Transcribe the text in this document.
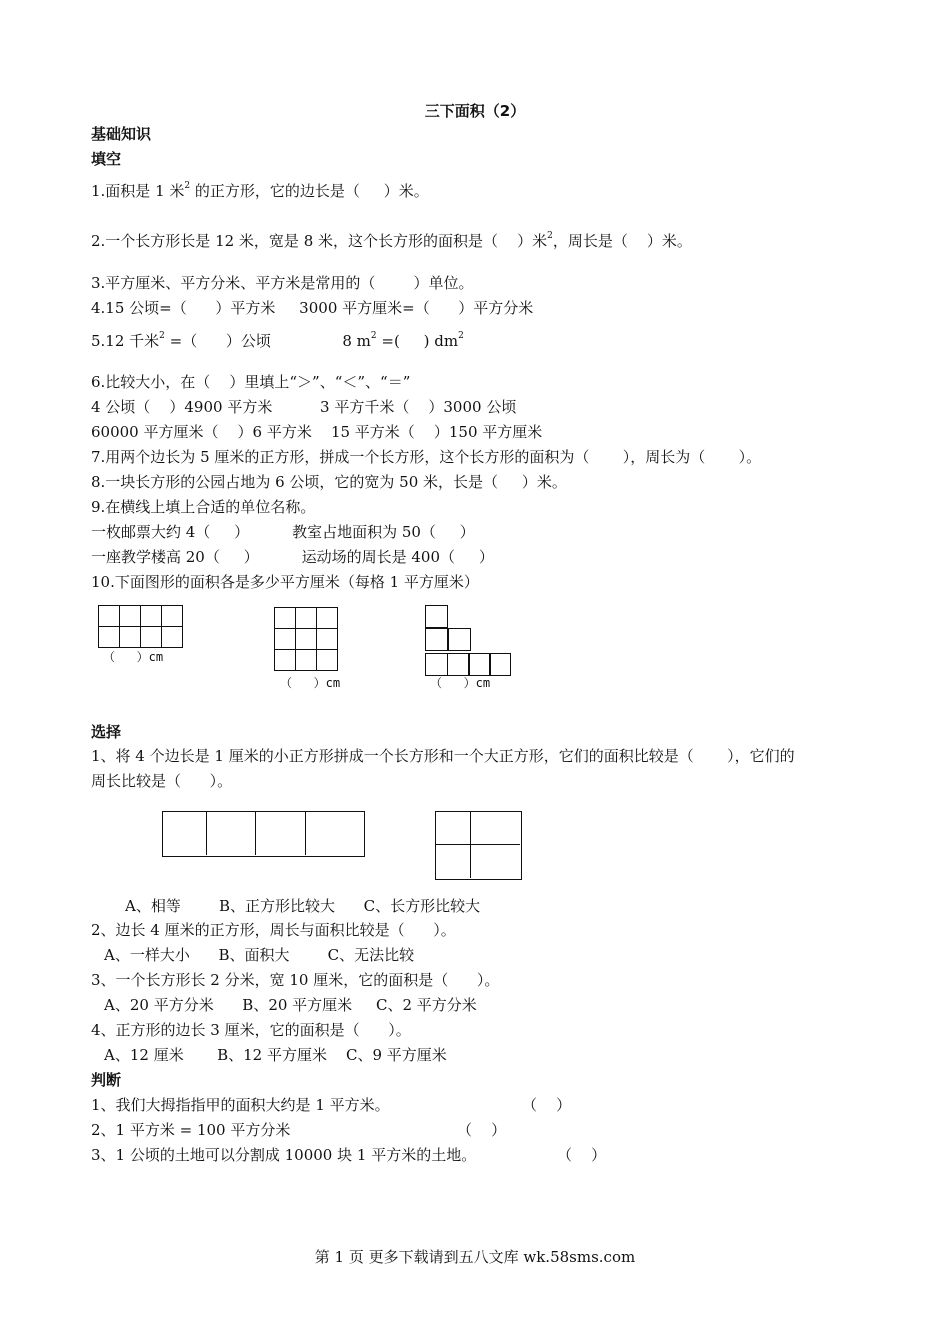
三下面积（2）
基础知识
填空
1.面积是 1 米$^2$ 的正方形，它的边长是（     ）米。
2.一个长方形长是 12 米，宽是 8 米，这个长方形的面积是（    ）米$^2$，周长是（    ）米。
3.平方厘米、平方分米、平方米是常用的（        ）单位。
4.15 公顷=（      ）平方米     3000 平方厘米=（      ）平方分米
5.12 千米$^2$ =（      ）公顷               8 $m^2$ =(     ) $dm^2$
6.比较大小，在（    ）里填上“＞”、“＜”、“＝”
4 公顷（    ）4900 平方米          3 平方千米（    ）3000 公顷
60000 平方厘米（    ）6 平方米    15 平方米（    ）150 平方厘米
7.用两个边长为 5 厘米的正方形，拼成一个长方形，这个长方形的面积为（       ），周长为（       ）。
8.一块长方形的公园占地为 6 公顷，它的宽为 50 米，长是（     ）米。
9.在横线上填上合适的单位名称。
一枚邮票大约 4（     ）         教室占地面积为 50（     ）
一座教学楼高 20（     ）         运动场的周长是 400（     ）
10.下面图形的面积各是多少平方厘米（每格 1 平方厘米）

（   ）cm

（   ）cm	（   ）cm
选择
1、将 4 个边长是 1 厘米的小正方形拼成一个长方形和一个大正方形，它们的面积比较是（       ），它们的
周长比较是（      ）。
A、相等        B、正方形比较大      C、长方形比较大
2、边长 4 厘米的正方形，周长与面积比较是（      ）。
A、一样大小      B、面积大        C、无法比较
3、一个长方形长 2 分米，宽 10 厘米，它的面积是（      ）。
A、20 平方分米      B、20 平方厘米     C、2 平方分米
4、正方形的边长 3 厘米，它的面积是（      ）。
A、12 厘米       B、12 平方厘米    C、9 平方厘米
判断
1、我们大拇指指甲的面积大约是 1 平方米。	（    ）
2、1 平方米 = 100 平方分米	（    ）
3、1 公顷的土地可以分割成 10000 块 1 平方米的土地。	（    ）
第 1 页 更多下载请到五八文库 wk.58sms.com
